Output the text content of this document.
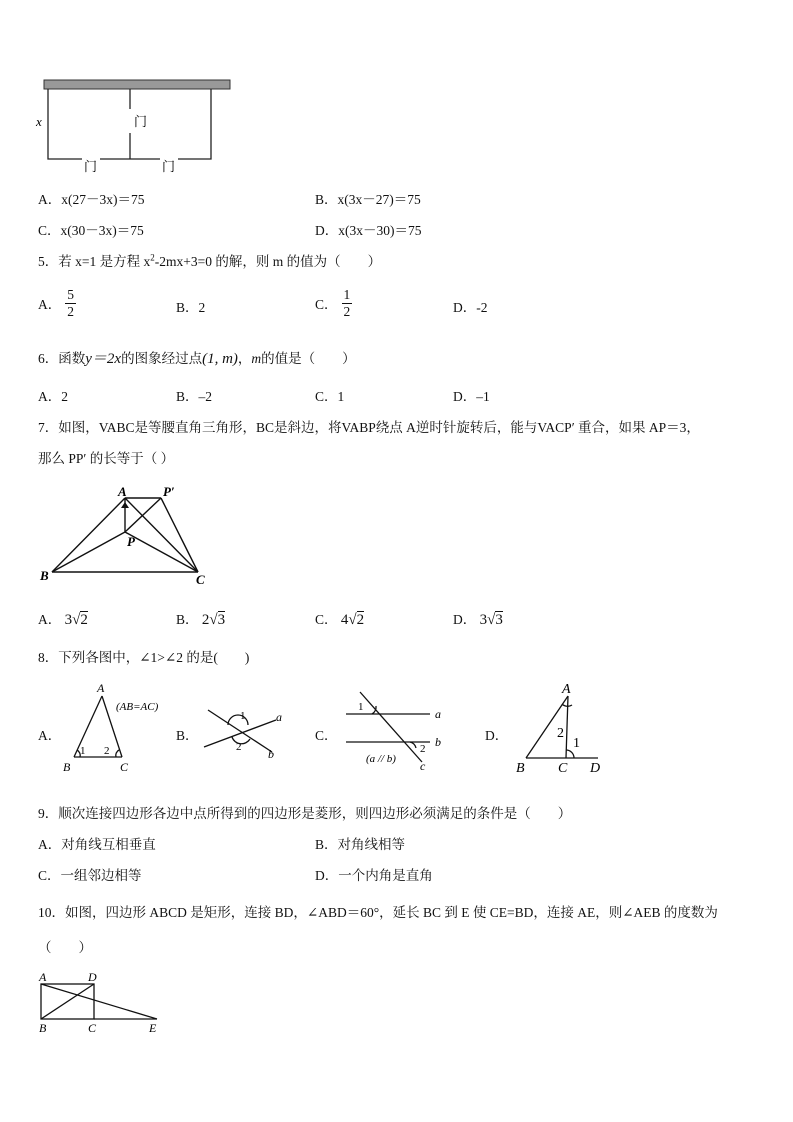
x	门
门	门
A．x(27－3x)＝75	B．x(3x－27)＝75
C．x(30－3x)＝75	D．x(3x－30)＝75
5．若 x=1 是方程 $x^2-2mx+3=0$ 的解，则 m 的值为（　　）
A． $\frac{5}{2}$	B．2	C． $\frac{1}{2}$	D．-2
6．函数y＝2x的图象经过点(1, m)，m的值是（　　）
A．2	B．–2	C．1	D．–1
7．如图，VABC是等腰直角三角形，BC是斜边，将VABP绕点 A逆时针旋转后，能与VACP′ 重合，如果 AP＝3，
那么 PP′ 的长等于（ ）
A	P′
P
B	C
A． 3√2	B． 2√3	C． 4√2	D． 3√3
8．下列各图中，∠1>∠2 的是(　　)
A．
A
(AB=AC)
1 2
B	C
B．
1
2
a
b
C．
1
2
a
b
c
(a // b)
D．
A
1
2
B C D
9．顺次连接四边形各边中点所得到的四边形是菱形，则四边形必须满足的条件是（　　）
A．对角线互相垂直	B．对角线相等
C．一组邻边相等	D．一个内角是直角
10．如图，四边形 ABCD 是矩形，连接 BD，∠ABD＝60°，延长 BC 到 E 使 CE=BD，连接 AE，则∠AEB 的度数为
（　　）
A	D
B	C	E
